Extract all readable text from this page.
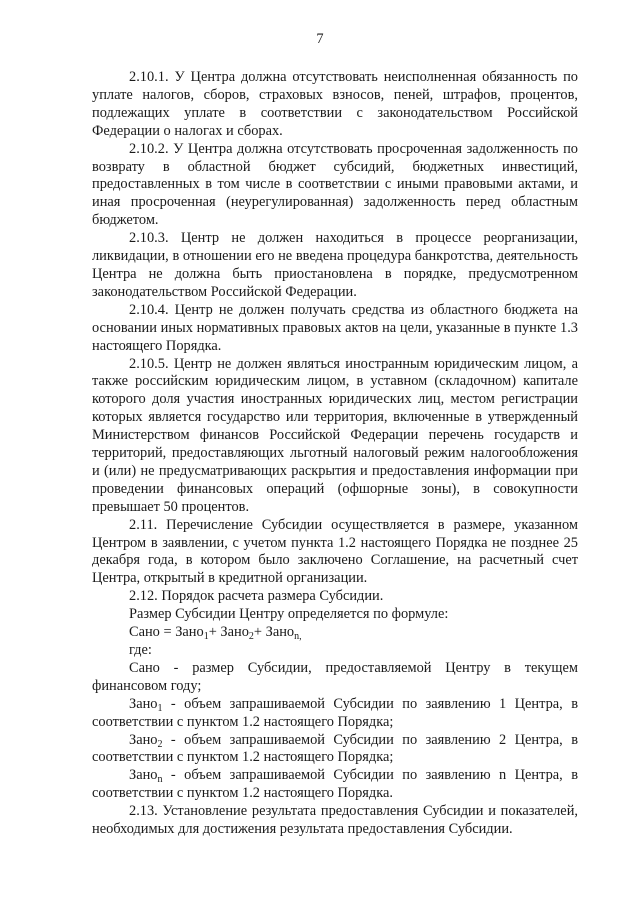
7

2.10.1. У Центра должна отсутствовать неисполненная обязанность по уплате налогов, сборов, страховых взносов, пеней, штрафов, процентов, подлежащих уплате в соответствии с законодательством Российской Федерации о налогах и сборах.

2.10.2. У Центра должна отсутствовать просроченная задолженность по возврату в областной бюджет субсидий, бюджетных инвестиций, предоставленных в том числе в соответствии с иными правовыми актами, и иная просроченная (неурегулированная) задолженность перед областным бюджетом.

2.10.3. Центр не должен находиться в процессе реорганизации, ликвидации, в отношении его не введена процедура банкротства, деятельность Центра не должна быть приостановлена в порядке, предусмотренном законодательством Российской Федерации.

2.10.4. Центр не должен получать средства из областного бюджета на основании иных нормативных правовых актов на цели, указанные в пункте 1.3 настоящего Порядка.

2.10.5. Центр не должен являться иностранным юридическим лицом, а также российским юридическим лицом, в уставном (складочном) капитале которого доля участия иностранных юридических лиц, местом регистрации которых является государство или территория, включенные в утвержденный Министерством финансов Российской Федерации перечень государств и территорий, предоставляющих льготный налоговый режим налогообложения и (или) не предусматривающих раскрытия и предоставления информации при проведении финансовых операций (офшорные зоны), в совокупности превышает 50 процентов.

2.11. Перечисление Субсидии осуществляется в размере, указанном Центром в заявлении, с учетом пункта 1.2 настоящего Порядка не позднее 25 декабря года, в котором было заключено Соглашение, на расчетный счет Центра, открытый в кредитной организации.

2.12. Порядок расчета размера Субсидии.

Размер Субсидии Центру определяется по формуле:

Сано = Зано$_1$+ Зано$_2$+ Зано$_{n,}$

где:

Сано - размер Субсидии, предоставляемой Центру в текущем финансовом году;

Зано$_1$ - объем запрашиваемой Субсидии по заявлению 1 Центра, в соответствии с пунктом 1.2 настоящего Порядка;

Зано$_2$ - объем запрашиваемой Субсидии по заявлению 2 Центра, в соответствии с пунктом 1.2 настоящего Порядка;

Зано$_n$ - объем запрашиваемой Субсидии по заявлению n Центра, в соответствии с пунктом 1.2 настоящего Порядка.

2.13. Установление результата предоставления Субсидии и показателей, необходимых для достижения результата предоставления Субсидии.
